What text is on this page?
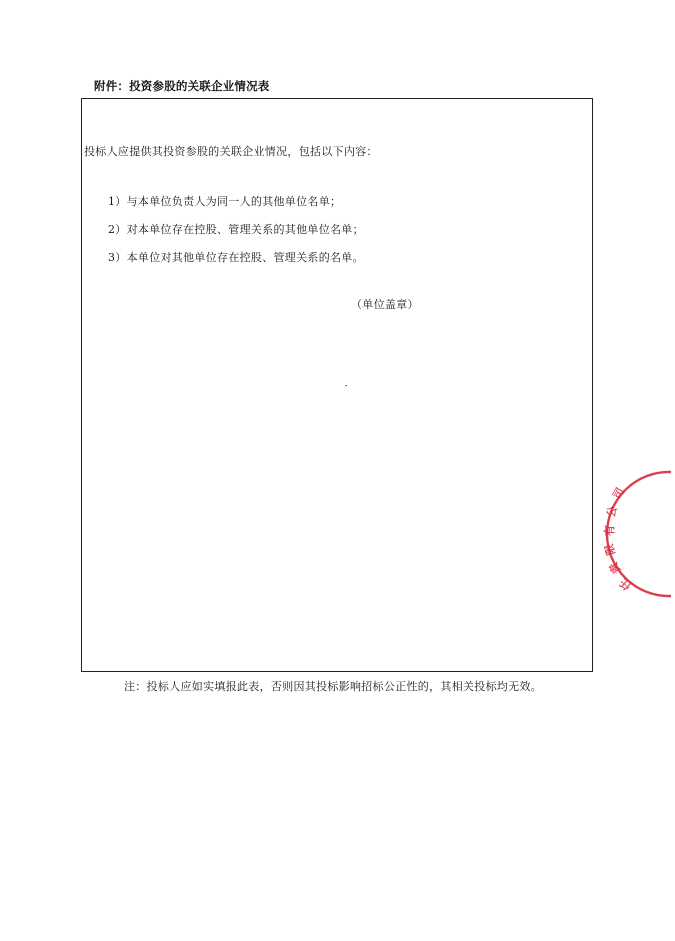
附件：投资参股的关联企业情况表
投标人应提供其投资参股的关联企业情况，包括以下内容：
1）与本单位负责人为同一人的其他单位名单；
2）对本单位存在控股、管理关系的其他单位名单；
3）本单位对其他单位存在控股、管理关系的名单。
（单位盖章）
注：投标人应如实填报此表，否则因其投标影响招标公正性的，其相关投标均无效。
司
公
有
限
责
任
